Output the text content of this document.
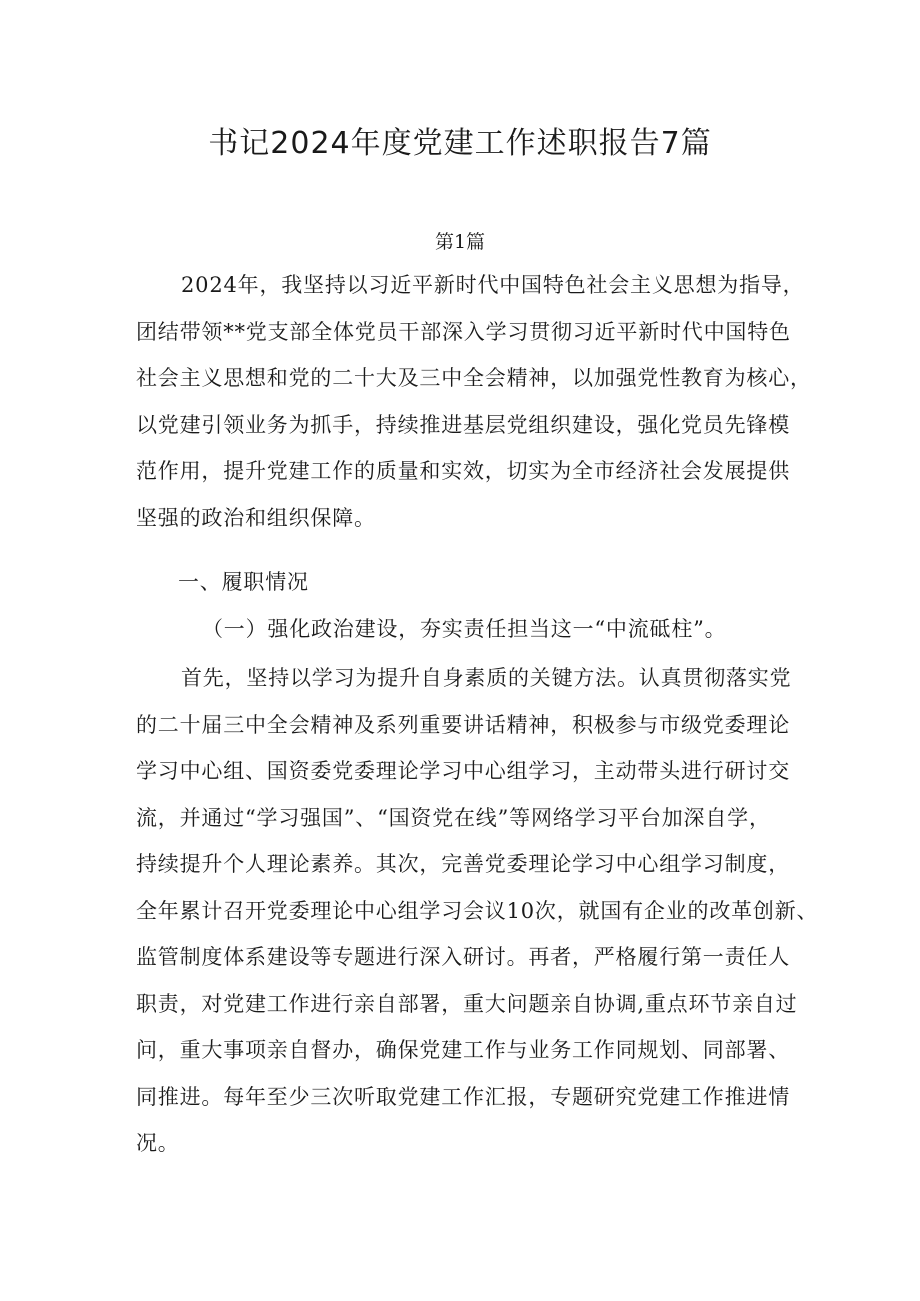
书记2024年度党建工作述职报告7篇
第1篇
2024年，我坚持以习近平新时代中国特色社会主义思想为指导，
团结带领**党支部全体党员干部深入学习贯彻习近平新时代中国特色
社会主义思想和党的二十大及三中全会精神，以加强党性教育为核心，
以党建引领业务为抓手，持续推进基层党组织建设，强化党员先锋模
范作用，提升党建工作的质量和实效，切实为全市经济社会发展提供
坚强的政治和组织保障。
一、履职情况
（一）强化政治建设，夯实责任担当这一“中流砥柱”。
首先，坚持以学习为提升自身素质的关键方法。认真贯彻落实党
的二十届三中全会精神及系列重要讲话精神，积极参与市级党委理论
学习中心组、国资委党委理论学习中心组学习，主动带头进行研讨交
流，并通过“学习强国”、“国资党在线”等网络学习平台加深自学，
持续提升个人理论素养。其次，完善党委理论学习中心组学习制度，
全年累计召开党委理论中心组学习会议10次，就国有企业的改革创新、
监管制度体系建设等专题进行深入研讨。再者，严格履行第一责任人
职责，对党建工作进行亲自部署，重大问题亲自协调,重点环节亲自过
问，重大事项亲自督办，确保党建工作与业务工作同规划、同部署、
同推进。每年至少三次听取党建工作汇报，专题研究党建工作推进情
况。
